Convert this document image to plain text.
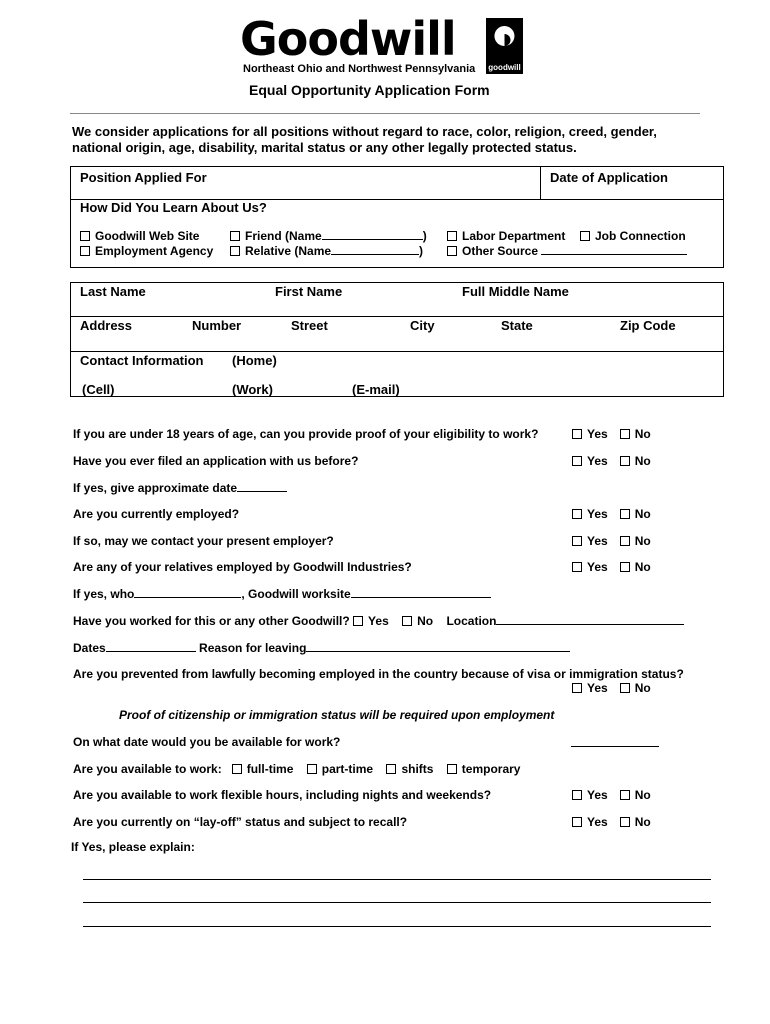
Goodwill
goodwill
Northeast Ohio and Northwest Pennsylvania
Equal Opportunity Application Form
We consider applications for all positions without regard to race, color, religion, creed, gender, national origin, age, disability, marital status or any other legally protected status.
Position Applied For	Date of Application
How Did You Learn About Us?
Goodwill Web Site
Employment Agency
Friend (Name	)
Relative (Name	)
Labor Department
Other Source
Job Connection
Last Name	First Name	Full Middle Name
Address	Number	Street	City	State	Zip Code
Contact Information (Home)
(Cell)	(Work)	(E-mail)
If you are under 18 years of age, can you provide proof of your eligibility to work?	Yes No
Have you ever filed an application with us before?	Yes No
If yes, give approximate date
Are you currently employed?	Yes No
If so, may we contact your present employer?	Yes No
Are any of your relatives employed by Goodwill Industries?	Yes No
If yes, who	, Goodwill worksite
Have you worked for this or any other Goodwill? Yes No Location
Dates	Reason for leaving
Are you prevented from lawfully becoming employed in the country because of visa or immigration status?
Yes No
Proof of citizenship or immigration status will be required upon employment
On what date would you be available for work?
Are you available to work: full-time part-time shifts temporary
Are you available to work flexible hours, including nights and weekends?	Yes No
Are you currently on “lay-off” status and subject to recall?	Yes No
If Yes, please explain:
